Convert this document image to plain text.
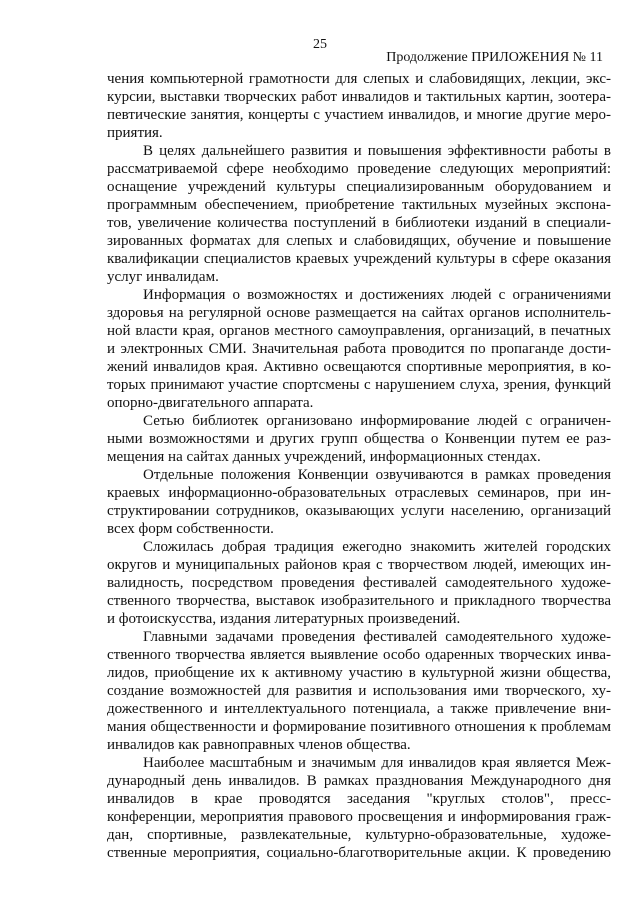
25
Продолжение ПРИЛОЖЕНИЯ № 11
чения компьютерной грамотности для слепых и слабовидящих, лекции, экс-
курсии, выставки творческих работ инвалидов и тактильных картин, зоотера-
певтические занятия, концерты с участием инвалидов, и многие другие меро-
приятия.
В целях дальнейшего развития и повышения эффективности работы в
рассматриваемой сфере необходимо проведение следующих мероприятий:
оснащение учреждений культуры специализированным оборудованием и
программным обеспечением, приобретение тактильных музейных экспона-
тов, увеличение количества поступлений в библиотеки изданий в специали-
зированных форматах для слепых и слабовидящих, обучение и повышение
квалификации специалистов краевых учреждений культуры в сфере оказания
услуг инвалидам.
Информация о возможностях и достижениях людей с ограничениями
здоровья на регулярной основе размещается на сайтах органов исполнитель-
ной власти края, органов местного самоуправления, организаций, в печатных
и электронных СМИ. Значительная работа проводится по пропаганде дости-
жений инвалидов края. Активно освещаются спортивные мероприятия, в ко-
торых принимают участие спортсмены с нарушением слуха, зрения, функций
опорно-двигательного аппарата.
Сетью библиотек организовано информирование людей с ограничен-
ными возможностями и других групп общества о Конвенции путем ее раз-
мещения на сайтах данных учреждений, информационных стендах.
Отдельные положения Конвенции озвучиваются в рамках проведения
краевых информационно-образовательных отраслевых семинаров, при ин-
структировании сотрудников, оказывающих услуги населению, организаций
всех форм собственности.
Сложилась добрая традиция ежегодно знакомить жителей городских
округов и муниципальных районов края с творчеством людей, имеющих ин-
валидность, посредством проведения фестивалей самодеятельного художе-
ственного творчества, выставок изобразительного и прикладного творчества
и фотоискусства, издания литературных произведений.
Главными задачами проведения фестивалей самодеятельного художе-
ственного творчества является выявление особо одаренных творческих инва-
лидов, приобщение их к активному участию в культурной жизни общества,
создание возможностей для развития и использования ими творческого, ху-
дожественного и интеллектуального потенциала, а также привлечение вни-
мания общественности и формирование позитивного отношения к проблемам
инвалидов как равноправных членов общества.
Наиболее масштабным и значимым для инвалидов края является Меж-
дународный день инвалидов. В рамках празднования Международного дня
инвалидов в крае проводятся заседания "круглых столов", пресс-
конференции, мероприятия правового просвещения и информирования граж-
дан, спортивные, развлекательные, культурно-образовательные, художе-
ственные мероприятия, социально-благотворительные акции. К проведению
